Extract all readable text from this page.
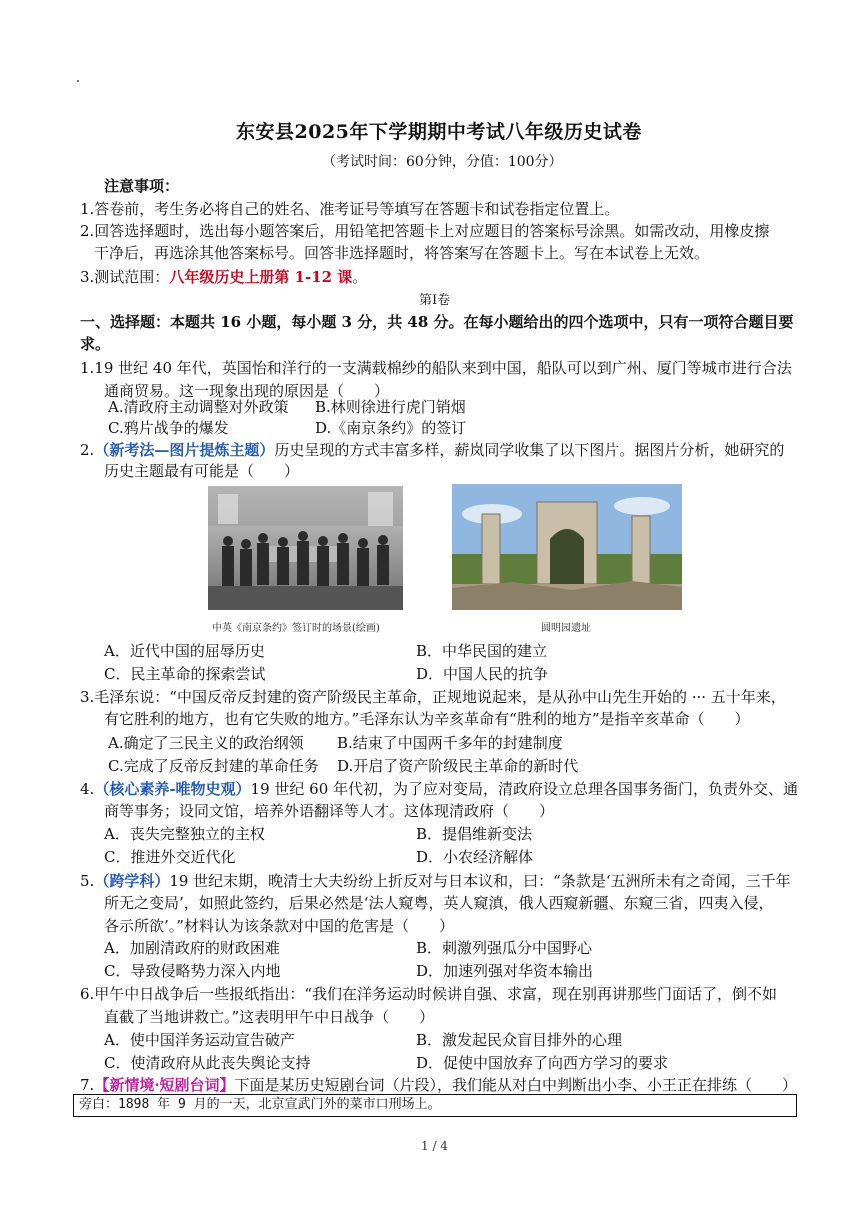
东安县2025年下学期期中考试八年级历史试卷
（考试时间：60分钟，分值：100分）
注意事项：
1.答卷前，考生务必将自己的姓名、准考证号等填写在答题卡和试卷指定位置上。
2.回答选择题时，选出每小题答案后，用铅笔把答题卡上对应题目的答案标号涂黑。如需改动，用橡皮擦
干净后，再选涂其他答案标号。回答非选择题时，将答案写在答题卡上。写在本试卷上无效。
3.测试范围：八年级历史上册第 1-12 课。
第Ⅰ卷
一、选择题：本题共 16 小题，每小题 3 分，共 48 分。在每小题给出的四个选项中，只有一项符合题目要
求。
1.19 世纪 40 年代，英国怡和洋行的一支满载棉纱的船队来到中国，船队可以到广州、厦门等城市进行合法
通商贸易。这一现象出现的原因是（　　）
A.清政府主动调整对外政策 B.林则徐进行虎门销烟
C.鸦片战争的爆发	D.《南京条约》的签订
2.（新考法—图片提炼主题）历史呈现的方式丰富多样，薪岚同学收集了以下图片。据图片分析，她研究的
历史主题最有可能是（　　）
中英《南京条约》签订时的场景(绘画)	圆明园遗址
A．近代中国的屈辱历史	B．中华民国的建立
C．民主革命的探索尝试	D．中国人民的抗争
3.毛泽东说：“中国反帝反封建的资产阶级民主革命，正规地说起来，是从孙中山先生开始的 ··· 五十年来，
有它胜利的地方，也有它失败的地方。”毛泽东认为辛亥革命有“胜利的地方”是指辛亥革命（　　）
A.确定了三民主义的政治纲领 B.结束了中国两千多年的封建制度
C.完成了反帝反封建的革命任务 D.开启了资产阶级民主革命的新时代
4.（核心素养-唯物史观）19 世纪 60 年代初，为了应对变局，清政府设立总理各国事务衙门，负责外交、通
商等事务；设同文馆，培养外语翻译等人才。这体现清政府（　　）
A．丧失完整独立的主权	B．提倡维新变法
C．推进外交近代化	D．小农经济解体
5.（跨学科）19 世纪末期，晚清士大夫纷纷上折反对与日本议和，曰：“条款是‘五洲所未有之奇闻，三千年
所无之变局’，如照此签约，后果必然是‘法人窥粤，英人窥滇，俄人西窥新疆、东窥三省，四夷入侵，
各示所欲’。”材料认为该条款对中国的危害是（　　）
A．加剧清政府的财政困难	B．刺激列强瓜分中国野心
C．导致侵略势力深入内地	D．加速列强对华资本输出
6.甲午中日战争后一些报纸指出：“我们在洋务运动时候讲自强、求富，现在别再讲那些门面话了，倒不如
直截了当地讲救亡。”这表明甲午中日战争（　　）
A．使中国洋务运动宣告破产	B．激发起民众盲目排外的心理
C．使清政府从此丧失舆论支持	D．促使中国放弃了向西方学习的要求
7.【新情境·短剧台词】下面是某历史短剧台词（片段），我们能从对白中判断出小李、小王正在排练（　　）
旁白：1898 年 9 月的一天，北京宣武门外的菜市口刑场上。
1 / 4
